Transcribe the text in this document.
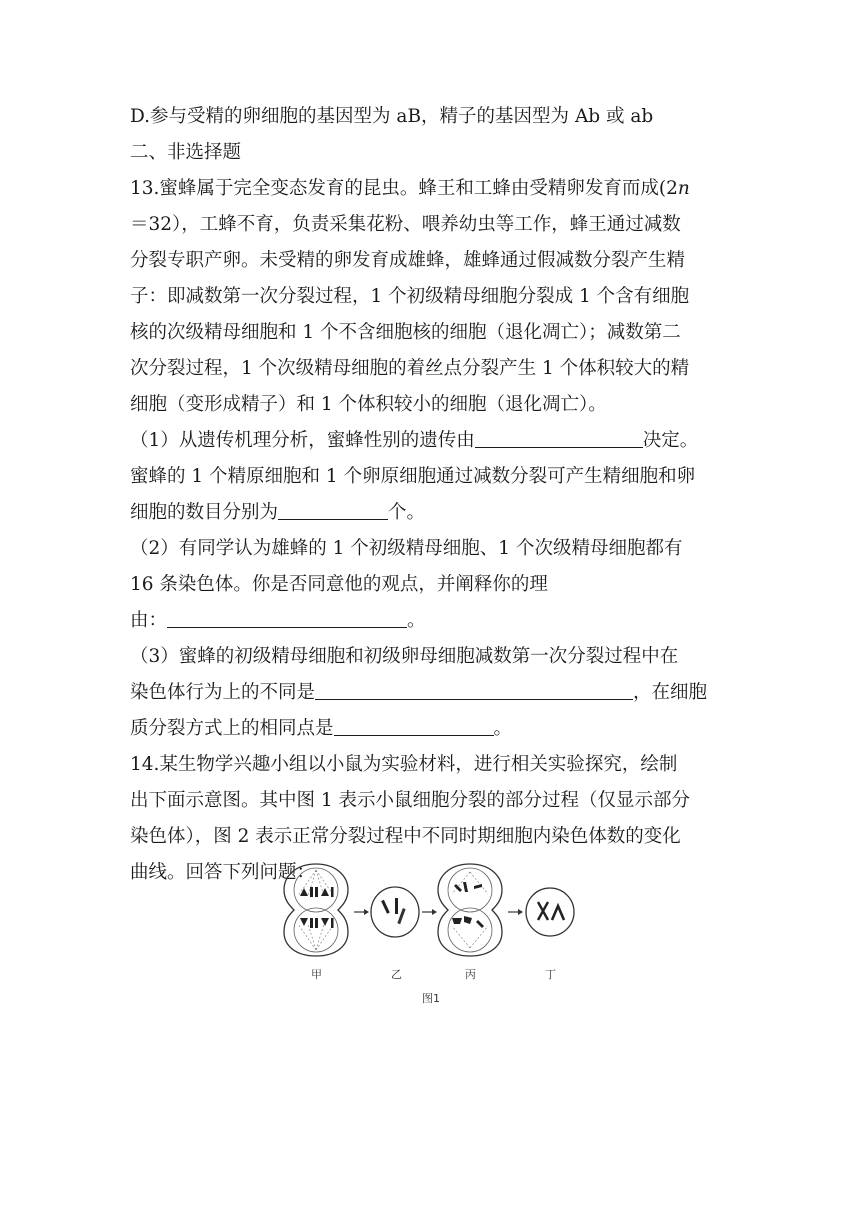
D.参与受精的卵细胞的基因型为 aB，精子的基因型为 Ab 或 ab
二、非选择题
13.蜜蜂属于完全变态发育的昆虫。蜂王和工蜂由受精卵发育而成(2n
＝32），工蜂不育，负责采集花粉、喂养幼虫等工作，蜂王通过减数
分裂专职产卵。未受精的卵发育成雄蜂，雄蜂通过假减数分裂产生精
子：即减数第一次分裂过程，1 个初级精母细胞分裂成 1 个含有细胞
核的次级精母细胞和 1 个不含细胞核的细胞（退化凋亡）；减数第二
次分裂过程，1 个次级精母细胞的着丝点分裂产生 1 个体积较大的精
细胞（变形成精子）和 1 个体积较小的细胞（退化凋亡）。
（1）从遗传机理分析，蜜蜂性别的遗传由	决定。
蜜蜂的 1 个精原细胞和 1 个卵原细胞通过减数分裂可产生精细胞和卵
细胞的数目分别为	个。
（2）有同学认为雄蜂的 1 个初级精母细胞、1 个次级精母细胞都有
16 条染色体。你是否同意他的观点，并阐释你的理
由：	。
（3）蜜蜂的初级精母细胞和初级卵母细胞减数第一次分裂过程中在
染色体行为上的不同是	，在细胞
质分裂方式上的相同点是	。
14.某生物学兴趣小组以小鼠为实验材料，进行相关实验探究，绘制
出下面示意图。其中图 1 表示小鼠细胞分裂的部分过程（仅显示部分
染色体），图 2 表示正常分裂过程中不同时期细胞内染色体数的变化
曲线。回答下列问题：
甲	乙	丙	丁
图1
